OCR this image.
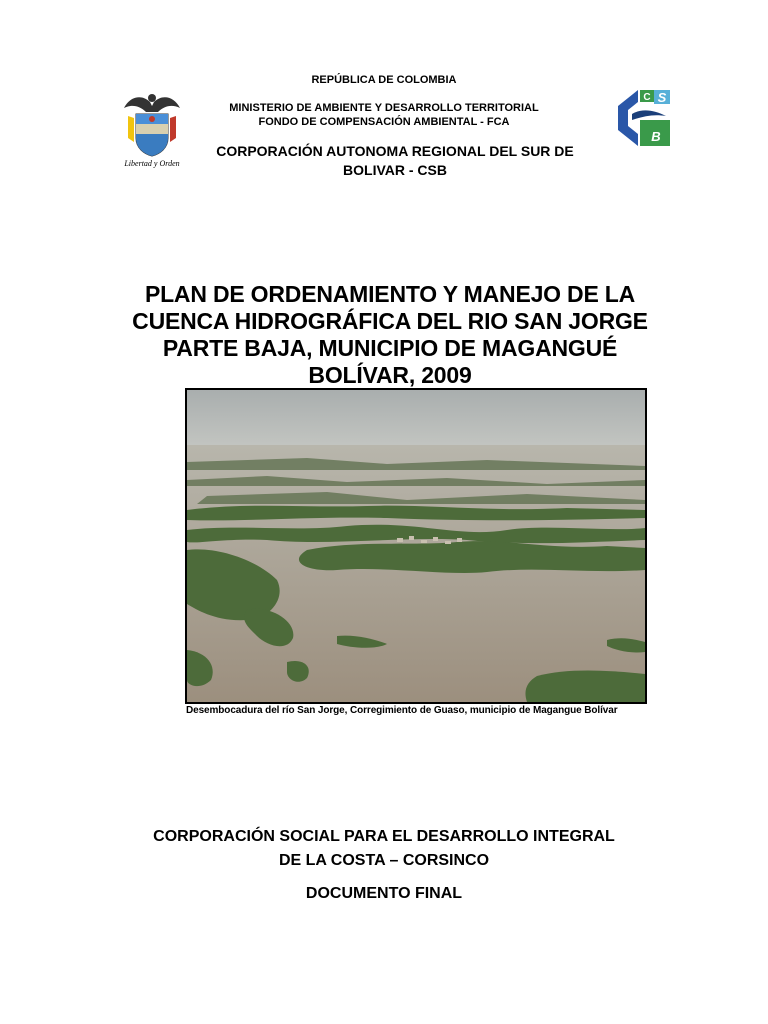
Libertad y Orden
S
B
C
REPÚBLICA DE COLOMBIA
MINISTERIO DE AMBIENTE Y DESARROLLO TERRITORIAL
FONDO DE COMPENSACIÓN AMBIENTAL - FCA
CORPORACIÓN AUTONOMA REGIONAL DEL SUR DE
BOLIVAR - CSB
PLAN DE ORDENAMIENTO Y MANEJO DE LA
CUENCA HIDROGRÁFICA DEL RIO SAN JORGE
PARTE BAJA, MUNICIPIO DE MAGANGUÉ
BOLÍVAR, 2009
Desembocadura del río San Jorge, Corregimiento de Guaso, municipio de Magangue Bolívar
CORPORACIÓN SOCIAL PARA EL DESARROLLO INTEGRAL
DE LA COSTA – CORSINCO
DOCUMENTO FINAL
